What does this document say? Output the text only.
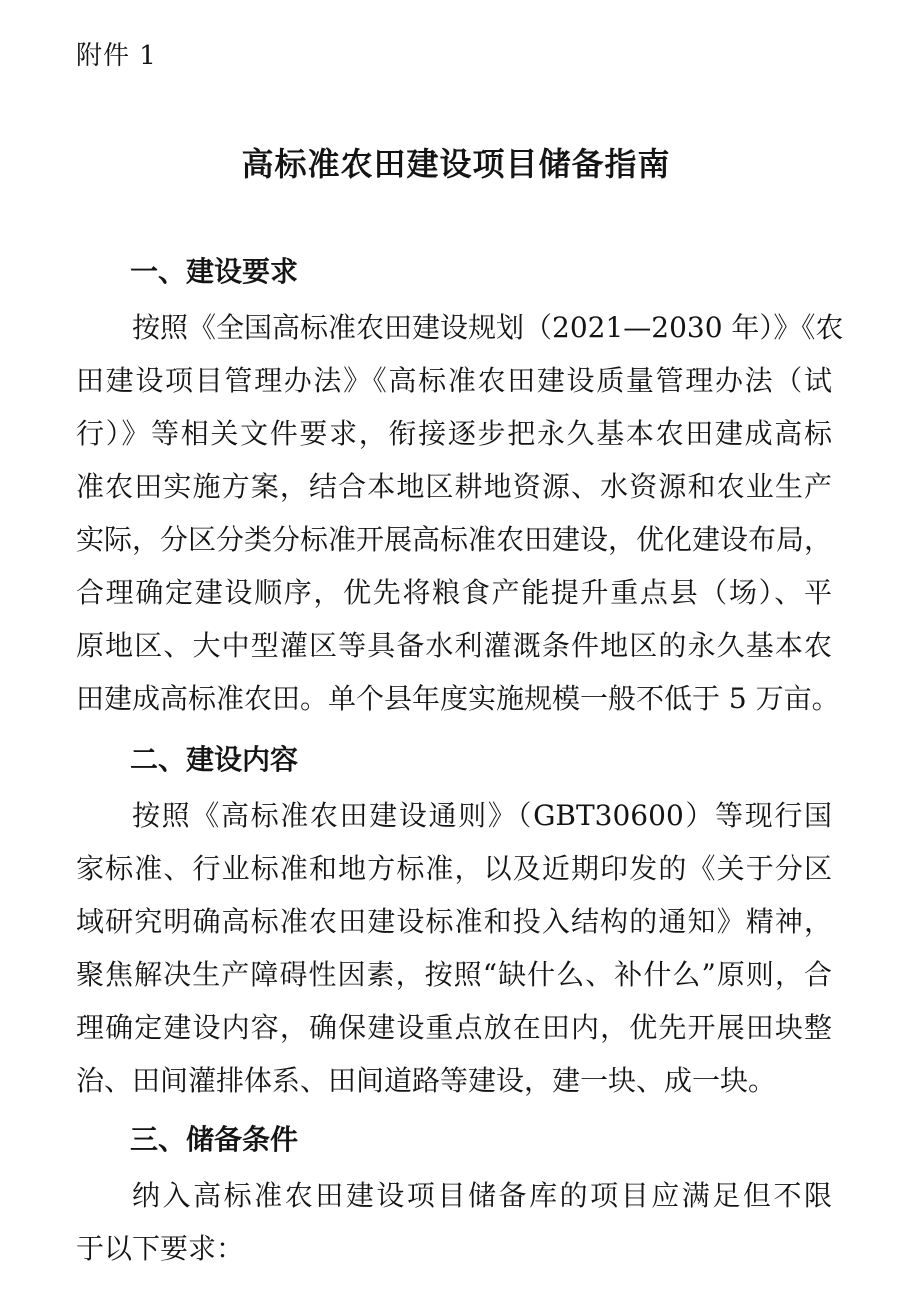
附件 1
高标准农田建设项目储备指南
一、建设要求
按照《全国高标准农田建设规划（2021—2030 年）》《农
田建设项目管理办法》《高标准农田建设质量管理办法（试
行）》等相关文件要求，衔接逐步把永久基本农田建成高标
准农田实施方案，结合本地区耕地资源、水资源和农业生产
实际，分区分类分标准开展高标准农田建设，优化建设布局，
合理确定建设顺序，优先将粮食产能提升重点县（场）、平
原地区、大中型灌区等具备水利灌溉条件地区的永久基本农
田建成高标准农田。单个县年度实施规模一般不低于 5 万亩。
二、建设内容
按照《高标准农田建设通则》（GBT30600）等现行国
家标准、行业标准和地方标准，以及近期印发的《关于分区
域研究明确高标准农田建设标准和投入结构的通知》精神，
聚焦解决生产障碍性因素，按照“缺什么、补什么”原则，合
理确定建设内容，确保建设重点放在田内，优先开展田块整
治、田间灌排体系、田间道路等建设，建一块、成一块。
三、储备条件
纳入高标准农田建设项目储备库的项目应满足但不限
于以下要求：
